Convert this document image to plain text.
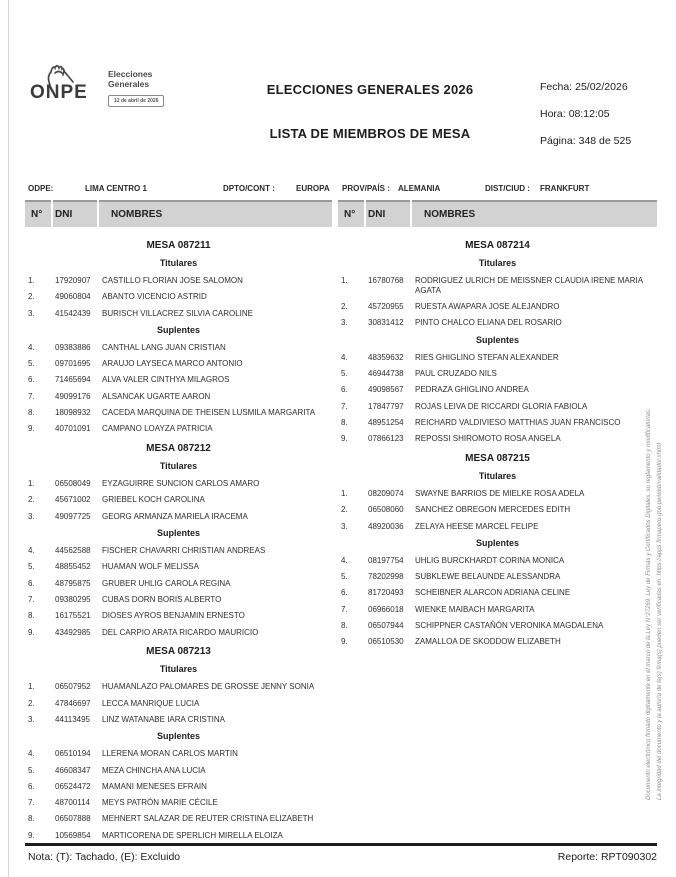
ONPE
Elecciones
Generales
12 de abril de 2026
ELECCIONES GENERALES 2026
LISTA DE MIEMBROS DE MESA
Fecha: 25/02/2026
Hora: 08:12:05
Página: 348 de 525
ODPE:	LIMA CENTRO 1	DPTO/CONT :	EUROPA PROV/PAÍS : ALEMANIA	DIST/CIUD : FRANKFURT
N°	DNI	NOMBRES	N°	DNI	NOMBRES
MESA 087211
Titulares
1.	17920907	CASTILLO FLORIAN JOSE SALOMON
2.	49060804	ABANTO VICENCIO ASTRID
3.	41542439	BURISCH VILLACREZ SILVIA CAROLINE
Suplentes
4.	09383886	CANTHAL LANG JUAN CRISTIAN
5.	09701695	ARAUJO LAYSECA MARCO ANTONIO
6.	71465694	ALVA VALER CINTHYA MILAGROS
7.	49099176	ALSANCAK UGARTE AARON
8.	18098932	CACEDA MARQUINA DE THEISEN LUSMILA MARGARITA
9.	40701091	CAMPANO LOAYZA PATRICIA
MESA 087212
Titulares
1.	06508049	EYZAGUIRRE SUNCION CARLOS AMARO
2.	45671002	GRIEBEL KOCH CAROLINA
3.	49097725	GEORG ARMANZA MARIELA IRACEMA
Suplentes
4.	44562588	FISCHER CHAVARRI CHRISTIAN ANDREAS
5.	48855452	HUAMAN WOLF MELISSA
6.	48795875	GRUBER UHLIG CAROLA REGINA
7.	09380295	CUBAS DORN BORIS ALBERTO
8.	16175521	DIOSES AYROS BENJAMIN ERNESTO
9.	43492985	DEL CARPIO ARATA RICARDO MAURICIO
MESA 087213
Titulares
1.	06507952	HUAMANLAZO PALOMARES DE GROSSE JENNY SONIA
2.	47846697	LECCA MANRIQUE LUCIA
3.	44113495	LINZ WATANABE IARA CRISTINA
Suplentes
4.	06510194	LLERENA MORAN CARLOS MARTIN
5.	46608347	MEZA CHINCHA ANA LUCIA
6.	06524472	MAMANI MENESES EFRAIN
7.	48700114	MEYS PATRÓN MARIE CÉCILE
8.	06507888	MEHNERT SALAZAR DE REUTER CRISTINA ELIZABETH
9.	10569854	MARTICORENA DE SPERLICH MIRELLA ELOIZA
MESA 087214
Titulares
1.	16780768	RODRIGUEZ ULRICH DE MEISSNER CLAUDIA IRENE MARIA AGATA
2.	45720955	RUESTA AWAPARA JOSE ALEJANDRO
3.	30831412	PINTO CHALCO ELIANA DEL ROSARIO
Suplentes
4.	48359632	RIES GHIGLINO STEFAN ALEXANDER
5.	46944738	PAUL CRUZADO NILS
6.	49098567	PEDRAZA GHIGLINO ANDREA
7.	17847797	ROJAS LEIVA DE RICCARDI GLORIA FABIOLA
8.	48951254	REICHARD VALDIVIESO MATTHIAS JUAN FRANCISCO
9.	07866123	REPOSSI SHIROMOTO ROSA ANGELA
MESA 087215
Titulares
1.	08209074	SWAYNE BARRIOS DE MIELKE ROSA ADELA
2.	06508060	SANCHEZ OBREGON MERCEDES EDITH
3.	48920036	ZELAYA HEESE MARCEL FELIPE
Suplentes
4.	08197754	UHLIG BURCKHARDT CORINA MONICA
5.	78202998	SUBKLEWE BELAUNDE ALESSANDRA
6.	81720493	SCHEIBNER ALARCON ADRIANA CELINE
7.	06966018	WIENKE MAIBACH MARGARITA
8.	06507944	SCHIPPNER CASTAÑÓN VERONIKA MAGDALENA
9.	06510530	ZAMALLOA DE SKODDOW ELIZABETH
Nota: (T): Tachado, (E): Excluido	Reporte: RPT090302
Documento electrónico firmado digitalmente en el marco de la Ley N°27269, Ley de Firmas y Certificados Digitales, su reglamento y modificatorias. La integridad del documento y la autoría de la(s) firma(s) pueden ser verificadas en: https://apps.firmaperu.gob.pe/web/validador.xhtml
